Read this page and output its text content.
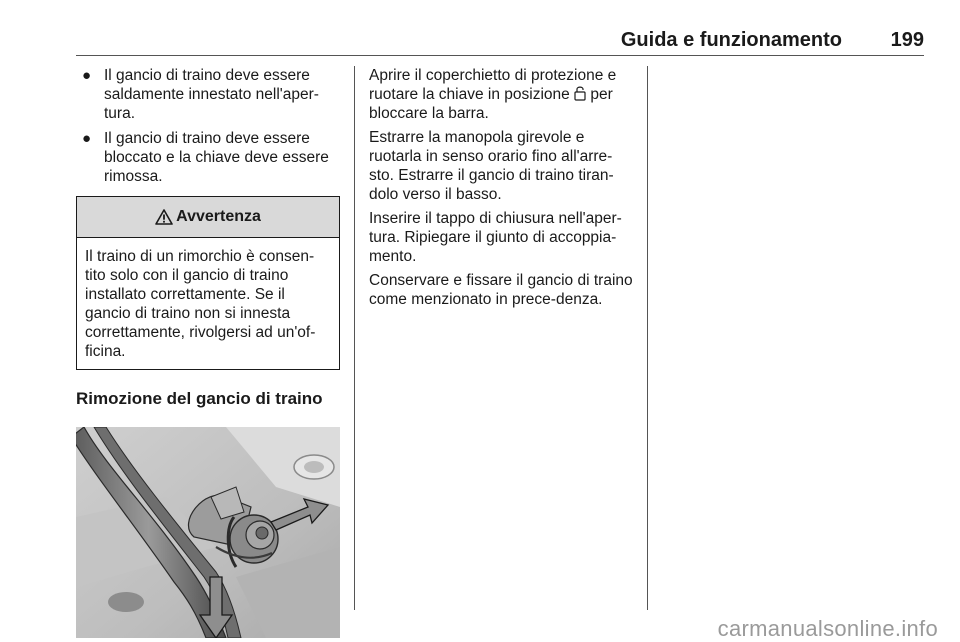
Guida e funzionamento 199
● Il gancio di traino deve essere saldamente innestato nell'aper-tura.
● Il gancio di traino deve essere bloccato e la chiave deve essere rimossa.
Avvertenza
Il traino di un rimorchio è consen-tito solo con il gancio di traino installato correttamente. Se il gancio di traino non si innesta correttamente, rivolgersi ad un'of-ficina.
Rimozione del gancio di traino

Aprire il coperchietto di protezione e ruotare la chiave in posizione per bloccare la barra.

Estrarre la manopola girevole e ruotarla in senso orario fino all'arre-sto. Estrarre il gancio di traino tiran-dolo verso il basso.

Inserire il tappo di chiusura nell'aper-tura. Ripiegare il giunto di accoppia-mento.

Conservare e fissare il gancio di traino come menzionato in prece-denza.

carmanualsonline.info
